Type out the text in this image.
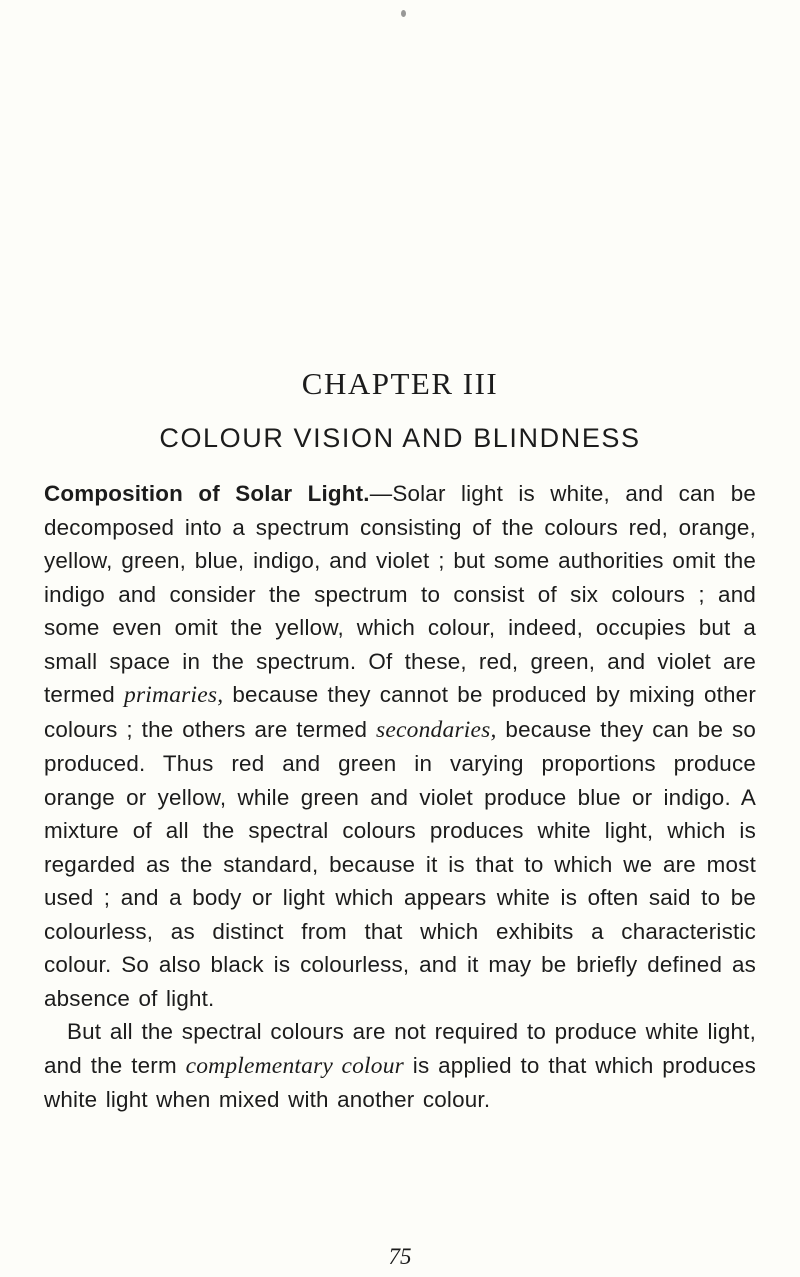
CHAPTER III
COLOUR VISION AND BLINDNESS

Composition of Solar Light.—Solar light is white, and can be decomposed into a spectrum consisting of the colours red, orange, yellow, green, blue, indigo, and violet ; but some authorities omit the indigo and consider the spectrum to consist of six colours ; and some even omit the yellow, which colour, indeed, occupies but a small space in the spectrum. Of these, red, green, and violet are termed primaries, because they cannot be produced by mixing other colours ; the others are termed secondaries, because they can be so produced. Thus red and green in varying proportions produce orange or yellow, while green and violet produce blue or indigo. A mixture of all the spectral colours produces white light, which is regarded as the standard, because it is that to which we are most used ; and a body or light which appears white is often said to be colourless, as distinct from that which exhibits a characteristic colour. So also black is colourless, and it may be briefly defined as absence of light.

But all the spectral colours are not required to produce white light, and the term complementary colour is applied to that which produces white light when mixed with another colour.

75
